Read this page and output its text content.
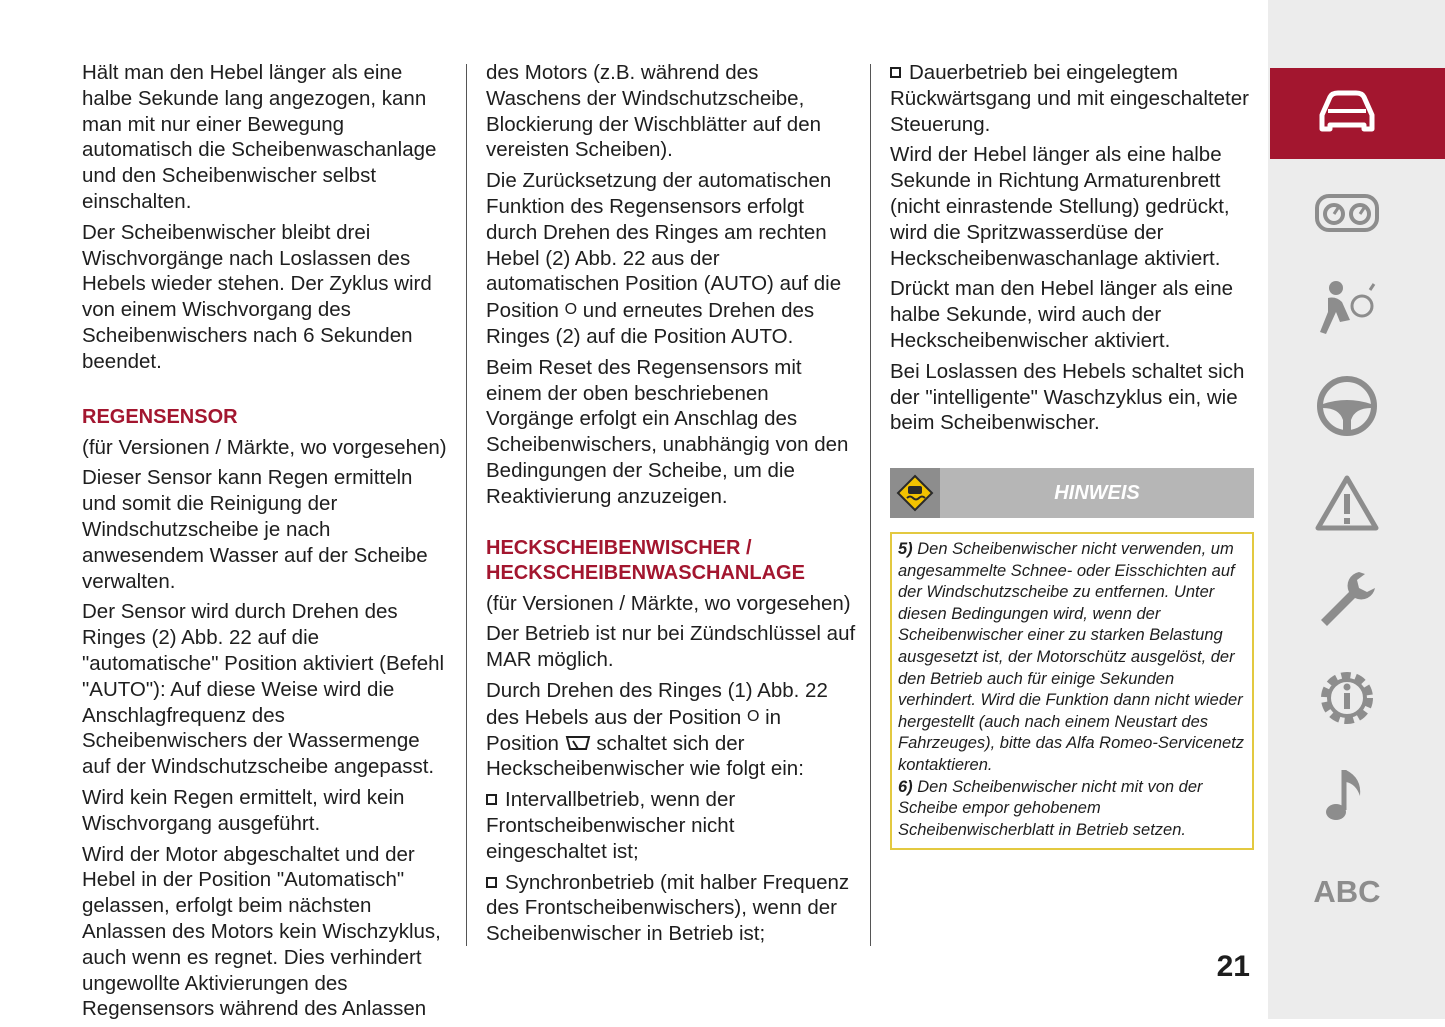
Hält man den Hebel länger als eine halbe Sekunde lang angezogen, kann man mit nur einer Bewegung automatisch die Scheibenwaschanlage und den Scheibenwischer selbst einschalten.

Der Scheibenwischer bleibt drei Wischvorgänge nach Loslassen des Hebels wieder stehen. Der Zyklus wird von einem Wischvorgang des Scheibenwischers nach 6 Sekunden beendet.

REGENSENSOR

(für Versionen / Märkte, wo vorgesehen)

Dieser Sensor kann Regen ermitteln und somit die Reinigung der Windschutzscheibe je nach anwesendem Wasser auf der Scheibe verwalten.

Der Sensor wird durch Drehen des Ringes (2) Abb. 22 auf die "automatische" Position aktiviert (Befehl "AUTO"): Auf diese Weise wird die Anschlagfrequenz des Scheibenwischers der Wassermenge auf der Windschutzscheibe angepasst.

Wird kein Regen ermittelt, wird kein Wischvorgang ausgeführt.

Wird der Motor abgeschaltet und der Hebel in der Position "Automatisch" gelassen, erfolgt beim nächsten Anlassen des Motors kein Wischzyklus, auch wenn es regnet. Dies verhindert ungewollte Aktivierungen des Regensensors während des Anlassen

des Motors (z.B. während des Waschens der Windschutzscheibe, Blockierung der Wischblätter auf den vereisten Scheiben).

Die Zurücksetzung der automatischen Funktion des Regensensors erfolgt durch Drehen des Ringes am rechten Hebel (2) Abb. 22 aus der automatischen Position (AUTO) auf die Position O und erneutes Drehen des Ringes (2) auf die Position AUTO.

Beim Reset des Regensensors mit einem der oben beschriebenen Vorgänge erfolgt ein Anschlag des Scheibenwischers, unabhängig von den Bedingungen der Scheibe, um die Reaktivierung anzuzeigen.

HECKSCHEIBENWISCHER /
HECKSCHEIBENWASCHANLAGE

(für Versionen / Märkte, wo vorgesehen)

Der Betrieb ist nur bei Zündschlüssel auf MAR möglich.

Durch Drehen des Ringes (1) Abb. 22 des Hebels aus der Position O in Position schaltet sich der Heckscheibenwischer wie folgt ein:

Intervallbetrieb, wenn der Frontscheibenwischer nicht eingeschaltet ist;

Synchronbetrieb (mit halber Frequenz des Frontscheibenwischers), wenn der Scheibenwischer in Betrieb ist;

Dauerbetrieb bei eingelegtem Rückwärtsgang und mit eingeschalteter Steuerung.

Wird der Hebel länger als eine halbe Sekunde in Richtung Armaturenbrett (nicht einrastende Stellung) gedrückt, wird die Spritzwasserdüse der Heckscheibenwaschanlage aktiviert.

Drückt man den Hebel länger als eine halbe Sekunde, wird auch der Heckscheibenwischer aktiviert.

Bei Loslassen des Hebels schaltet sich der "intelligente" Waschzyklus ein, wie beim Scheibenwischer.

HINWEIS

5) Den Scheibenwischer nicht verwenden, um angesammelte Schnee- oder Eisschichten auf der Windschutzscheibe zu entfernen. Unter diesen Bedingungen wird, wenn der Scheibenwischer einer zu starken Belastung ausgesetzt ist, der Motorschütz ausgelöst, der den Betrieb auch für einige Sekunden verhindert. Wird die Funktion dann nicht wieder hergestellt (auch nach einem Neustart des Fahrzeuges), bitte das Alfa Romeo-Servicenetz kontaktieren.

6) Den Scheibenwischer nicht mit von der Scheibe empor gehobenem Scheibenwischerblatt in Betrieb setzen.

ABC
21
